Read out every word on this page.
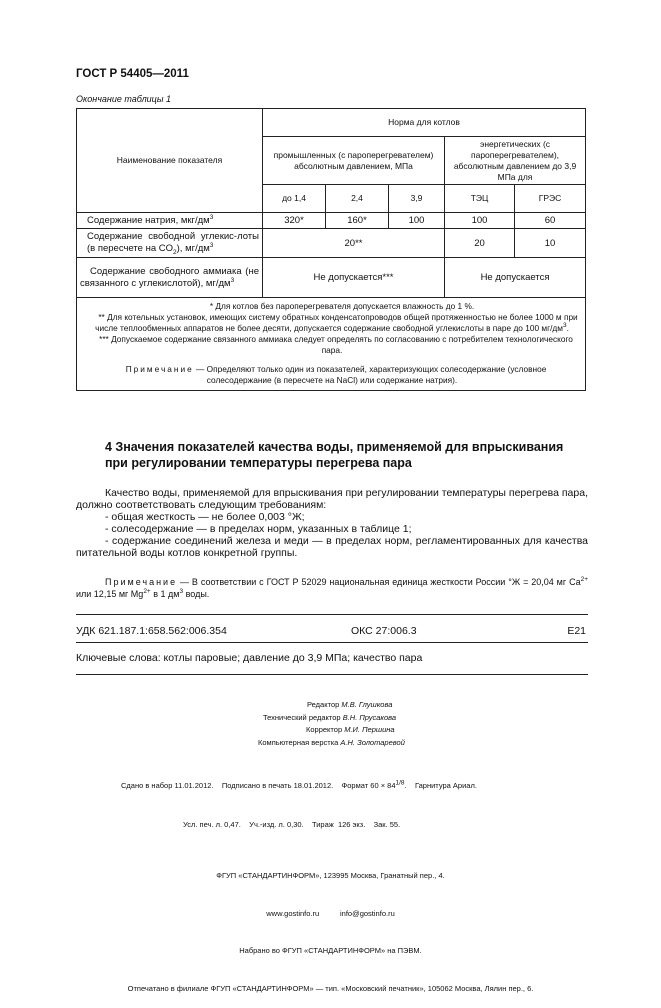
ГОСТ Р 54405—2011
Окончание таблицы 1
Наименование показателя	Норма для котлов				
	промышленных (с пароперегревателем) абсолютным давлением, МПа			энергетических (с пароперегревателем), абсолютным давлением до 3,9 МПа для	
	до 1,4	2,4	3,9	ТЭЦ	ГРЭС
Содержание натрия, мкг/$дм^3$	320*	160*	100	100	60
Содержание свободной углекис-лоты (в пересчете на $CO_2$), $мг/дм^3$	20**			20	10
Содержание свободного аммиака (не связанного с углекислотой), $мг/дм^3$	Не допускается***			Не допускается	

* Для котлов без пароперегревателя допускается влажность до 1 %.
** Для котельных установок, имеющих систему обратных конденсатопроводов общей протяженностью не более 1000 м при числе теплообменных аппаратов не более десяти, допускается содержание свободной углекислоты в паре до 100 $мг/дм^3$.
*** Допускаемое содержание связанного аммиака следует определять по согласованию с потребителем технологического пара.
Примечание — Определяют только один из показателей, характеризующих солесодержание (условное солесодержание (в пересчете на NaCl) или содержание натрия).					
4 Значения показателей качества воды, применяемой для впрыскивания при регулировании температуры перегрева пара
Качество воды, применяемой для впрыскивания при регулировании температуры перегрева пара, должно соответствовать следующим требованиям:
- общая жесткость — не более 0,003 °Ж;
- солесодержание — в пределах норм, указанных в таблице 1;
- содержание соединений железа и меди — в пределах норм, регламентированных для качества питательной воды котлов конкретной группы.
Примечание — В соответствии с ГОСТ Р 52029 национальная единица жесткости России °Ж = 20,04 мг $Ca^{2+}$ или 12,15 мг $Mg^{2+}$ в 1 $дм^3$ воды.
УДК 621.187.1:658.562:006.354	ОКС 27:006.3	Е21
Ключевые слова: котлы паровые; давление до 3,9 МПа; качество пара
Редактор М.В. Глушкова
Технический редактор В.Н. Прусакова
Корректор М.И. Першина
Компьютерная верстка А.Н. Золотаревой

Сдано в набор 11.01.2012.    Подписано в печать 18.01.2012.    Формат $60 \times 84^{1/8}$.    Гарнитура Ариал.

Усл. печ. л. 0,47.    Уч.-изд. л. 0,30.    Тираж  126 экз.    Зак. 55.

ФГУП «СТАНДАРТИНФОРМ», 123995 Москва, Гранатный пер., 4.

www.gostinfo.ru          info@gostinfo.ru

Набрано во ФГУП «СТАНДАРТИНФОРМ» на ПЭВМ.

Отпечатано в филиале ФГУП «СТАНДАРТИНФОРМ» — тип. «Московский печатник», 105062 Москва, Лялин пер., 6.
